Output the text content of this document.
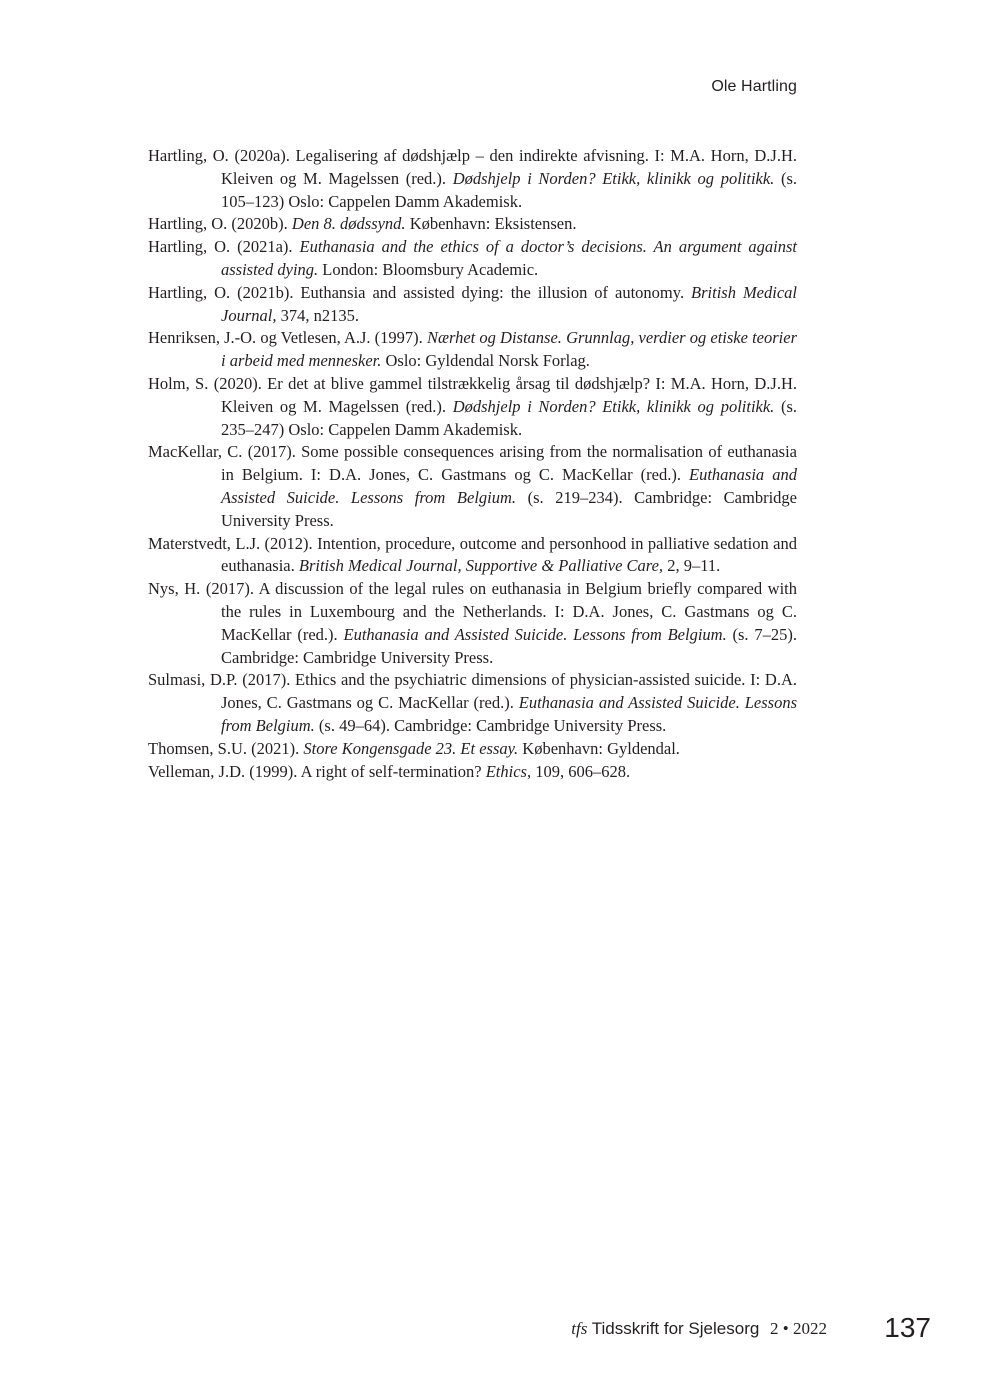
Ole Hartling

Hartling, O. (2020a). Legalisering af dødshjælp – den indirekte afvisning. I: M.A. Horn, D.J.H. Kleiven og M. Magelssen (red.). Dødshjelp i Norden? Etikk, klinikk og politikk. (s. 105–123) Oslo: Cappelen Damm Akademisk.

Hartling, O. (2020b). Den 8. dødssynd. København: Eksistensen.

Hartling, O. (2021a). Euthanasia and the ethics of a doctor’s decisions. An argument against assisted dying. London: Bloomsbury Academic.

Hartling, O. (2021b). Euthansia and assisted dying: the illusion of autonomy. British Medical Journal, 374, n2135.

Henriksen, J.-O. og Vetlesen, A.J. (1997). Nærhet og Distanse. Grunnlag, verdier og etiske teorier i arbeid med mennesker. Oslo: Gyldendal Norsk Forlag.

Holm, S. (2020). Er det at blive gammel tilstrækkelig årsag til dødshjælp? I: M.A. Horn, D.J.H. Kleiven og M. Magelssen (red.). Dødshjelp i Norden? Etikk, klinikk og politikk. (s. 235–247) Oslo: Cappelen Damm Akademisk.

MacKellar, C. (2017). Some possible consequences arising from the normalisation of euthanasia in Belgium. I: D.A. Jones, C. Gastmans og C. MacKellar (red.). Euthanasia and Assisted Suicide. Lessons from Belgium. (s. 219–234). Cambridge: Cambridge University Press.

Materstvedt, L.J. (2012). Intention, procedure, outcome and personhood in palliative sedation and euthanasia. British Medical Journal, Supportive & Palliative Care, 2, 9–11.

Nys, H. (2017). A discussion of the legal rules on euthanasia in Belgium briefly compared with the rules in Luxembourg and the Netherlands. I: D.A. Jones, C. Gastmans og C. MacKellar (red.). Euthanasia and Assisted Suicide. Lessons from Belgium. (s. 7–25). Cambridge: Cambridge University Press.

Sulmasi, D.P. (2017). Ethics and the psychiatric dimensions of physician-assisted suicide. I: D.A. Jones, C. Gastmans og C. MacKellar (red.). Euthanasia and Assisted Suicide. Lessons from Belgium. (s. 49–64). Cambridge: Cambridge University Press.

Thomsen, S.U. (2021). Store Kongensgade 23. Et essay. København: Gyldendal.

Velleman, J.D. (1999). A right of self-termination? Ethics, 109, 606–628.

tfs Tidsskrift for Sjelesorg 2 • 2022 137
